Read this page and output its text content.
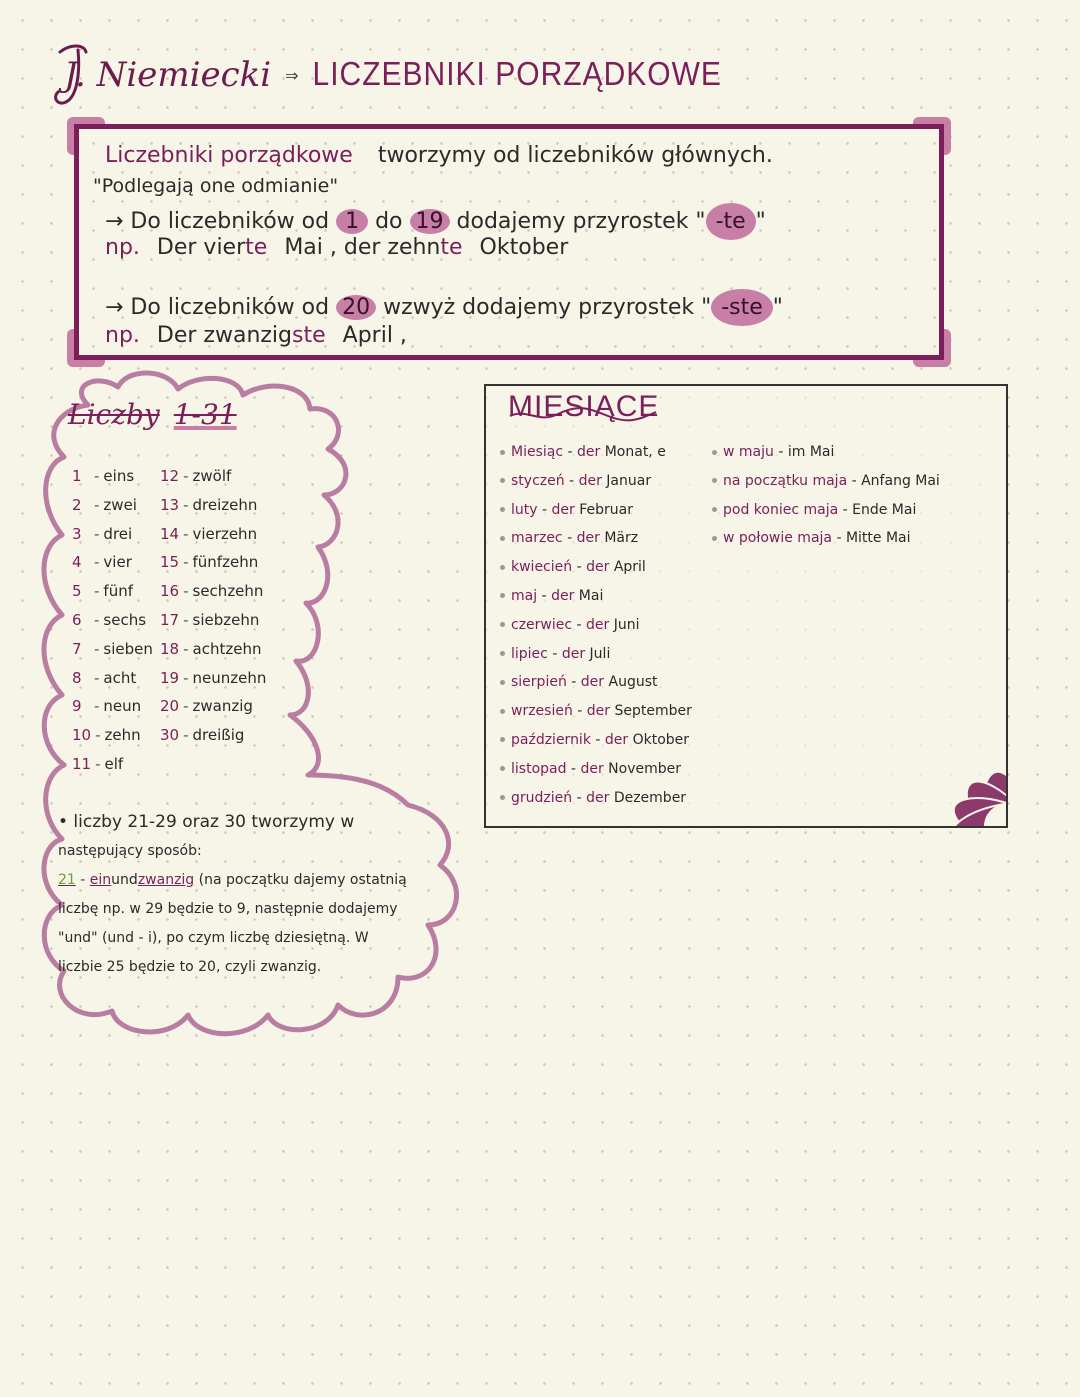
J. Niemiecki ⇒ LICZEBNIKI PORZĄDKOWE
Liczebniki porządkowe tworzymy od liczebników głównych.
"Podlegają one odmianie"
→ Do liczebników od 1 do 19 dodajemy przyrostek " -te "
np. Der vierte Mai , der zehnte Oktober
→ Do liczebników od 20 wzwyż dodajemy przyrostek " -ste "
np. Der zwanzigste April ,
Liczby 1-31
1 - eins
2 - zwei
3 - drei
4 - vier
5 - fünf
6 - sechs
7 - sieben
8 - acht
9 - neun
10 - zehn
11 - elf
12 - zwölf
13 - dreizehn
14 - vierzehn
15 - fünfzehn
16 - sechzehn
17 - siebzehn
18 - achtzehn
19 - neunzehn
20 - zwanzig
30 - dreißig
• liczby 21-29 oraz 30 tworzymy w
następujący sposób:
21 - einundzwanzig (na początku dajemy ostatnią
liczbę np. w 29 będzie to 9, następnie dodajemy
"und" (und - i), po czym liczbę dziesiętną. W
liczbie 25 będzie to 20, czyli zwanzig.
MIESIĄCE
Miesiąc - der Monat, e
styczeń - der Januar
luty - der Februar
marzec - der März
kwiecień - der April
maj - der Mai
czerwiec - der Juni
lipiec - der Juli
sierpień - der August
wrzesień - der September
październik - der Oktober
listopad - der November
grudzień - der Dezember
w maju - im Mai
na początku maja - Anfang Mai
pod koniec maja - Ende Mai
w połowie maja - Mitte Mai
